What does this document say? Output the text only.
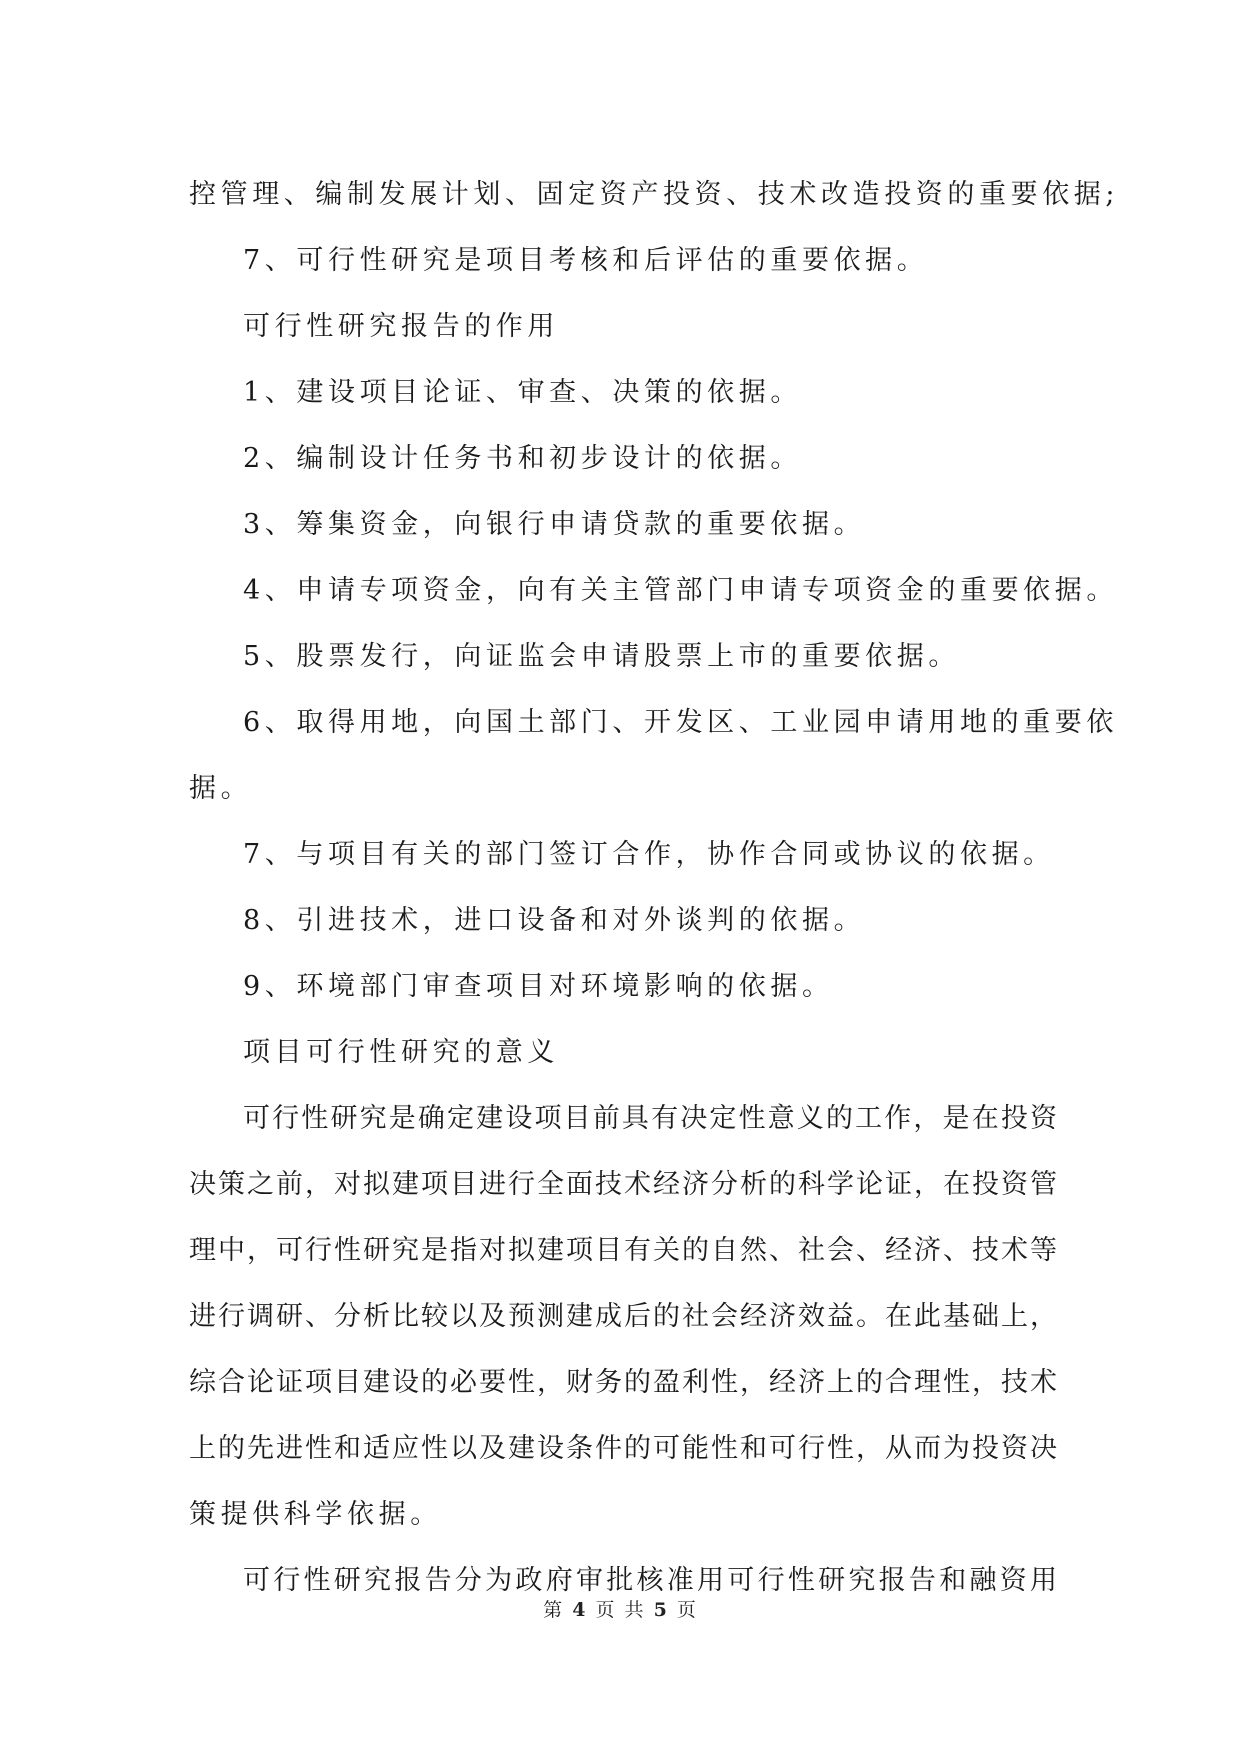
控管理、编制发展计划、固定资产投资、技术改造投资的重要依据;
7、可行性研究是项目考核和后评估的重要依据。
可行性研究报告的作用
1、建设项目论证、审查、决策的依据。
2、编制设计任务书和初步设计的依据。
3、筹集资金，向银行申请贷款的重要依据。
4、申请专项资金，向有关主管部门申请专项资金的重要依据。
5、股票发行，向证监会申请股票上市的重要依据。
6、取得用地，向国土部门、开发区、工业园申请用地的重要依
据。
7、与项目有关的部门签订合作，协作合同或协议的依据。
8、引进技术，进口设备和对外谈判的依据。
9、环境部门审查项目对环境影响的依据。
项目可行性研究的意义
可行性研究是确定建设项目前具有决定性意义的工作，是在投资
决策之前，对拟建项目进行全面技术经济分析的科学论证，在投资管
理中，可行性研究是指对拟建项目有关的自然、社会、经济、技术等
进行调研、分析比较以及预测建成后的社会经济效益。在此基础上，
综合论证项目建设的必要性，财务的盈利性，经济上的合理性，技术
上的先进性和适应性以及建设条件的可能性和可行性，从而为投资决
策提供科学依据。
可行性研究报告分为政府审批核准用可行性研究报告和融资用
第 4 页 共 5 页
